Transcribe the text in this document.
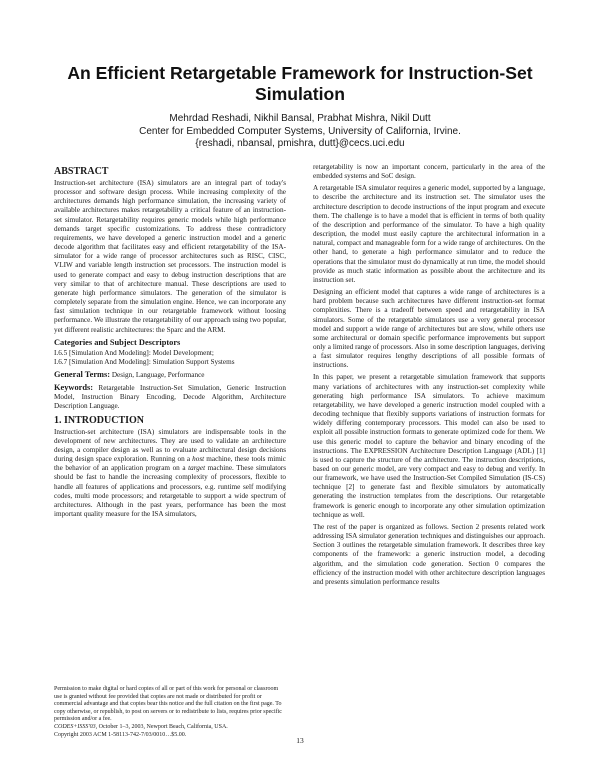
An Efficient Retargetable Framework for Instruction-Set Simulation
Mehrdad Reshadi, Nikhil Bansal, Prabhat Mishra, Nikil Dutt
Center for Embedded Computer Systems, University of California, Irvine.
{reshadi, nbansal, pmishra, dutt}@cecs.uci.edu
ABSTRACT

Instruction-set architecture (ISA) simulators are an integral part of today's processor and software design process. While increasing complexity of the architectures demands high performance simulation, the increasing variety of available architectures makes retargetability a critical feature of an instruction-set simulator. Retargetability requires generic models while high performance demands target specific customizations. To address these contradictory requirements, we have developed a generic instruction model and a generic decode algorithm that facilitates easy and efficient retargetability of the ISA-simulator for a wide range of processor architectures such as RISC, CISC, VLIW and variable length instruction set processors. The instruction model is used to generate compact and easy to debug instruction descriptions that are very similar to that of architecture manual. These descriptions are used to generate high performance simulators. The generation of the simulator is completely separate from the simulation engine. Hence, we can incorporate any fast simulation technique in our retargetable framework without loosing performance. We illustrate the retargetability of our approach using two popular, yet different realistic architectures: the Sparc and the ARM.

Categories and Subject Descriptors

I.6.5 [Simulation And Modeling]: Model Development;

I.6.7 [Simulation And Modeling]: Simulation Support Systems

General Terms: Design, Language, Performance

Keywords: Retargetable Instruction-Set Simulation, Generic Instruction Model, Instruction Binary Encoding, Decode Algorithm, Architecture Description Language.

1. INTRODUCTION

Instruction-set architecture (ISA) simulators are indispensable tools in the development of new architectures. They are used to validate an architecture design, a compiler design as well as to evaluate architectural design decisions during design space exploration. Running on a host machine, these tools mimic the behavior of an application program on a target machine. These simulators should be fast to handle the increasing complexity of processors, flexible to handle all features of applications and processors, e.g. runtime self modifying codes, multi mode processors; and retargetable to support a wide spectrum of architectures. Although in the past years, performance has been the most important quality measure for the ISA simulators,

Permission to make digital or hard copies of all or part of this work for personal or classroom use is granted without fee provided that copies are not made or distributed for profit or commercial advantage and that copies bear this notice and the full citation on the first page. To copy otherwise, or republish, to post on servers or to redistribute to lists, requires prior specific permission and/or a fee.

CODES+ISSS'03, October 1–3, 2003, Newport Beach, California, USA.

Copyright 2003 ACM 1-58113-742-7/03/0010…$5.00.

retargetability is now an important concern, particularly in the area of the embedded systems and SoC design.

A retargetable ISA simulator requires a generic model, supported by a language, to describe the architecture and its instruction set. The simulator uses the architecture description to decode instructions of the input program and execute them. The challenge is to have a model that is efficient in terms of both quality of the description and performance of the simulator. To have a high quality description, the model must easily capture the architectural information in a natural, compact and manageable form for a wide range of architectures. On the other hand, to generate a high performance simulator and to reduce the operations that the simulator must do dynamically at run time, the model should provide as much static information as possible about the architecture and its instruction set.

Designing an efficient model that captures a wide range of architectures is a hard problem because such architectures have different instruction-set format complexities. There is a tradeoff between speed and retargetability in ISA simulators. Some of the retargetable simulators use a very general processor model and support a wide range of architectures but are slow, while others use some architectural or domain specific performance improvements but support only a limited range of processors. Also in some description languages, deriving a fast simulator requires lengthy descriptions of all possible formats of instructions.

In this paper, we present a retargetable simulation framework that supports many variations of architectures with any instruction-set complexity while generating high performance ISA simulators. To achieve maximum retargetability, we have developed a generic instruction model coupled with a decoding technique that flexibly supports variations of instruction formats for widely differing contemporary processors. This model can also be used to exploit all possible instruction formats to generate optimized code for them. We use this generic model to capture the behavior and binary encoding of the instructions. The EXPRESSION Architecture Description Language (ADL) [1] is used to capture the structure of the architecture. The instruction descriptions, based on our generic model, are very compact and easy to debug and verify. In our framework, we have used the Instruction-Set Compiled Simulation (IS-CS) technique [2] to generate fast and flexible simulators by automatically generating the instruction templates from the descriptions. Our retargetable framework is generic enough to incorporate any other simulation optimization technique as well.

The rest of the paper is organized as follows. Section 2 presents related work addressing ISA simulator generation techniques and distinguishes our approach. Section 3 outlines the retargetable simulation framework. It describes three key components of the framework: a generic instruction model, a decoding algorithm, and the simulation code generation. Section 0 compares the efficiency of the instruction model with other architecture description languages and presents simulation performance results

13
